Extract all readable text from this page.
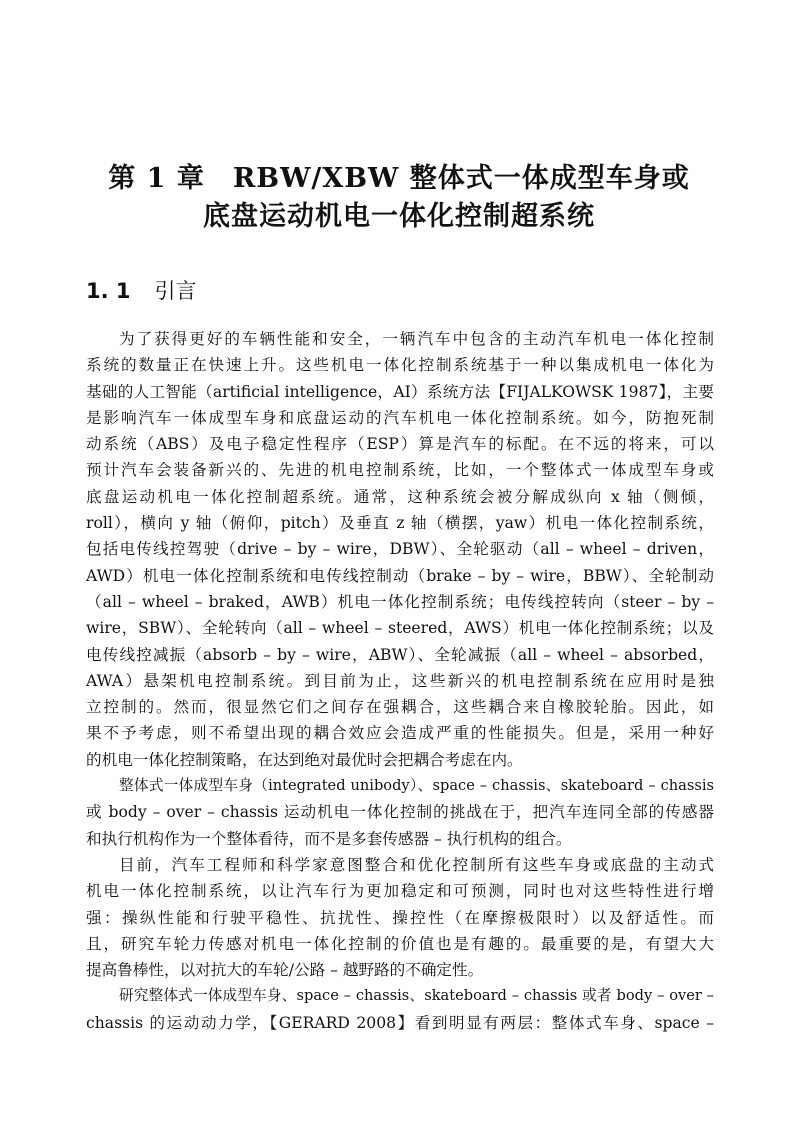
第 1 章　RBW/XBW 整体式一体成型车身或
底盘运动机电一体化控制超系统
1. 1 引言
为了获得更好的车辆性能和安全，一辆汽车中包含的主动汽车机电一体化控制
系统的数量正在快速上升。这些机电一体化控制系统基于一种以集成机电一体化为
基础的人工智能（artificial intelligence，AI）系统方法【FIJALKOWSK 1987】，主要
是影响汽车一体成型车身和底盘运动的汽车机电一体化控制系统。如今，防抱死制
动系统（ABS）及电子稳定性程序（ESP）算是汽车的标配。在不远的将来，可以
预计汽车会装备新兴的、先进的机电控制系统，比如，一个整体式一体成型车身或
底盘运动机电一体化控制超系统。通常，这种系统会被分解成纵向 x 轴（侧倾，
roll），横向 y 轴（俯仰，pitch）及垂直 z 轴（横摆，yaw）机电一体化控制系统，
包括电传线控驾驶（drive – by – wire，DBW）、全轮驱动（all – wheel – driven，
AWD）机电一体化控制系统和电传线控制动（brake – by – wire，BBW）、全轮制动
（all – wheel – braked，AWB）机电一体化控制系统；电传线控转向（steer – by –
wire，SBW）、全轮转向（all – wheel – steered，AWS）机电一体化控制系统；以及
电传线控减振（absorb – by – wire，ABW）、全轮减振（all – wheel – absorbed，
AWA）悬架机电控制系统。到目前为止，这些新兴的机电控制系统在应用时是独
立控制的。然而，很显然它们之间存在强耦合，这些耦合来自橡胶轮胎。因此，如
果不予考虑，则不希望出现的耦合效应会造成严重的性能损失。但是，采用一种好
的机电一体化控制策略，在达到绝对最优时会把耦合考虑在内。
整体式一体成型车身（integrated unibody）、space – chassis、skateboard – chassis
或 body – over – chassis 运动机电一体化控制的挑战在于，把汽车连同全部的传感器
和执行机构作为一个整体看待，而不是多套传感器 – 执行机构的组合。
目前，汽车工程师和科学家意图整合和优化控制所有这些车身或底盘的主动式
机电一体化控制系统，以让汽车行为更加稳定和可预测，同时也对这些特性进行增
强：操纵性能和行驶平稳性、抗扰性、操控性（在摩擦极限时）以及舒适性。而
且，研究车轮力传感对机电一体化控制的价值也是有趣的。最重要的是，有望大大
提高鲁棒性，以对抗大的车轮/公路 – 越野路的不确定性。
研究整体式一体成型车身、space – chassis、skateboard – chassis 或者 body – over –
chassis 的运动动力学，【GERARD 2008】看到明显有两层：整体式车身、space –
